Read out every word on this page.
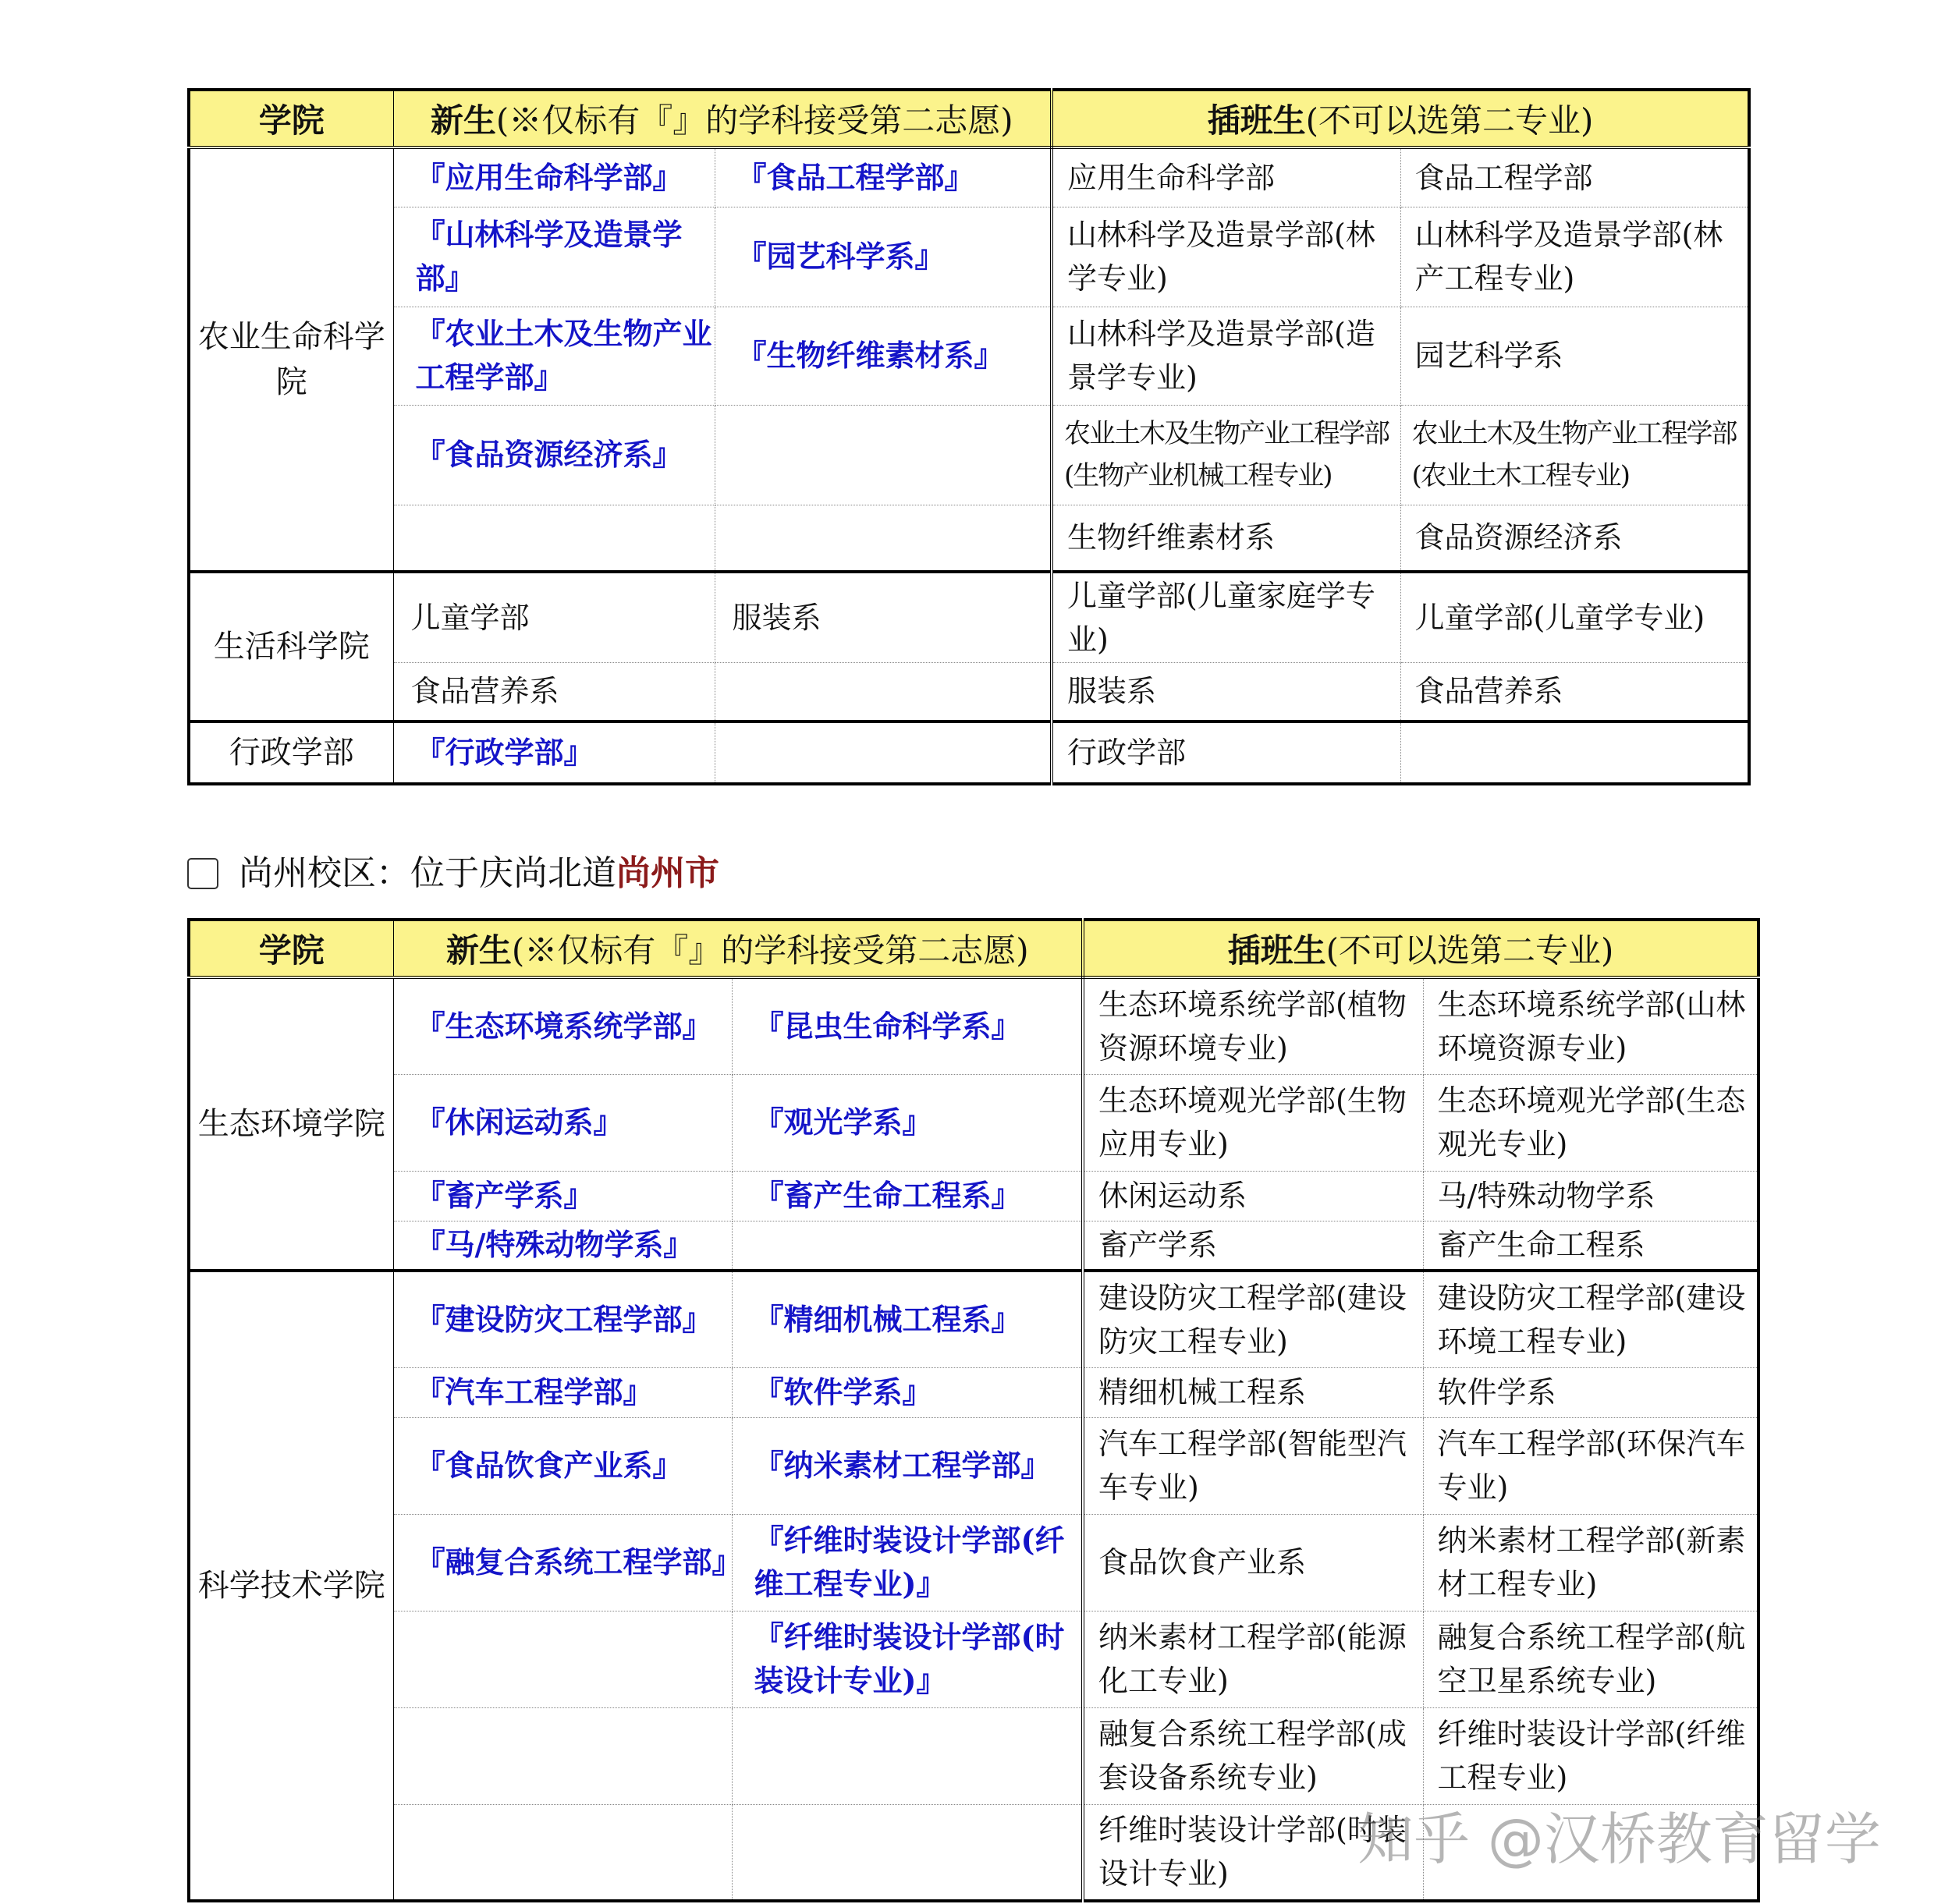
学院	新生(※仅标有『』的学科接受第二志愿)		插班生(不可以选第二专业)	
农业生命科学院	『应用生命科学部』	『食品工程学部』	应用生命科学部	食品工程学部
	『山林科学及造景学部』	『园艺科学系』	山林科学及造景学部(林学专业)	山林科学及造景学部(林产工程专业)
	『农业土木及生物产业工程学部』	『生物纤维素材系』	山林科学及造景学部(造景学专业)	园艺科学系
	『食品资源经济系』		农业土木及生物产业工程学部(生物产业机械工程专业)	农业土木及生物产业工程学部(农业土木工程专业)
			生物纤维素材系	食品资源经济系
生活科学院	儿童学部	服装系	儿童学部(儿童家庭学专业)	儿童学部(儿童学专业)
	食品营养系		服装系	食品营养系
行政学部	『行政学部』		行政学部	
尚州校区：位于庆尚北道尚州市
学院	新生(※仅标有『』的学科接受第二志愿)		插班生(不可以选第二专业)	
生态环境学院	『生态环境系统学部』	『昆虫生命科学系』	生态环境系统学部(植物资源环境专业)	生态环境系统学部(山林环境资源专业)
	『休闲运动系』	『观光学系』	生态环境观光学部(生物应用专业)	生态环境观光学部(生态观光专业)
	『畜产学系』	『畜产生命工程系』	休闲运动系	马/特殊动物学系
	『马/特殊动物学系』		畜产学系	畜产生命工程系
科学技术学院	『建设防灾工程学部』	『精细机械工程系』	建设防灾工程学部(建设防灾工程专业)	建设防灾工程学部(建设环境工程专业)
	『汽车工程学部』	『软件学系』	精细机械工程系	软件学系
	『食品饮食产业系』	『纳米素材工程学部』	汽车工程学部(智能型汽车专业)	汽车工程学部(环保汽车专业)
	『融复合系统工程学部』	『纤维时装设计学部(纤维工程专业)』	食品饮食产业系	纳米素材工程学部(新素材工程专业)
		『纤维时装设计学部(时装设计专业)』	纳米素材工程学部(能源化工专业)	融复合系统工程学部(航空卫星系统专业)
			融复合系统工程学部(成套设备系统专业)	纤维时装设计学部(纤维工程专业)
			纤维时装设计学部(时装设计专业)	
知乎 @汉桥教育留学
